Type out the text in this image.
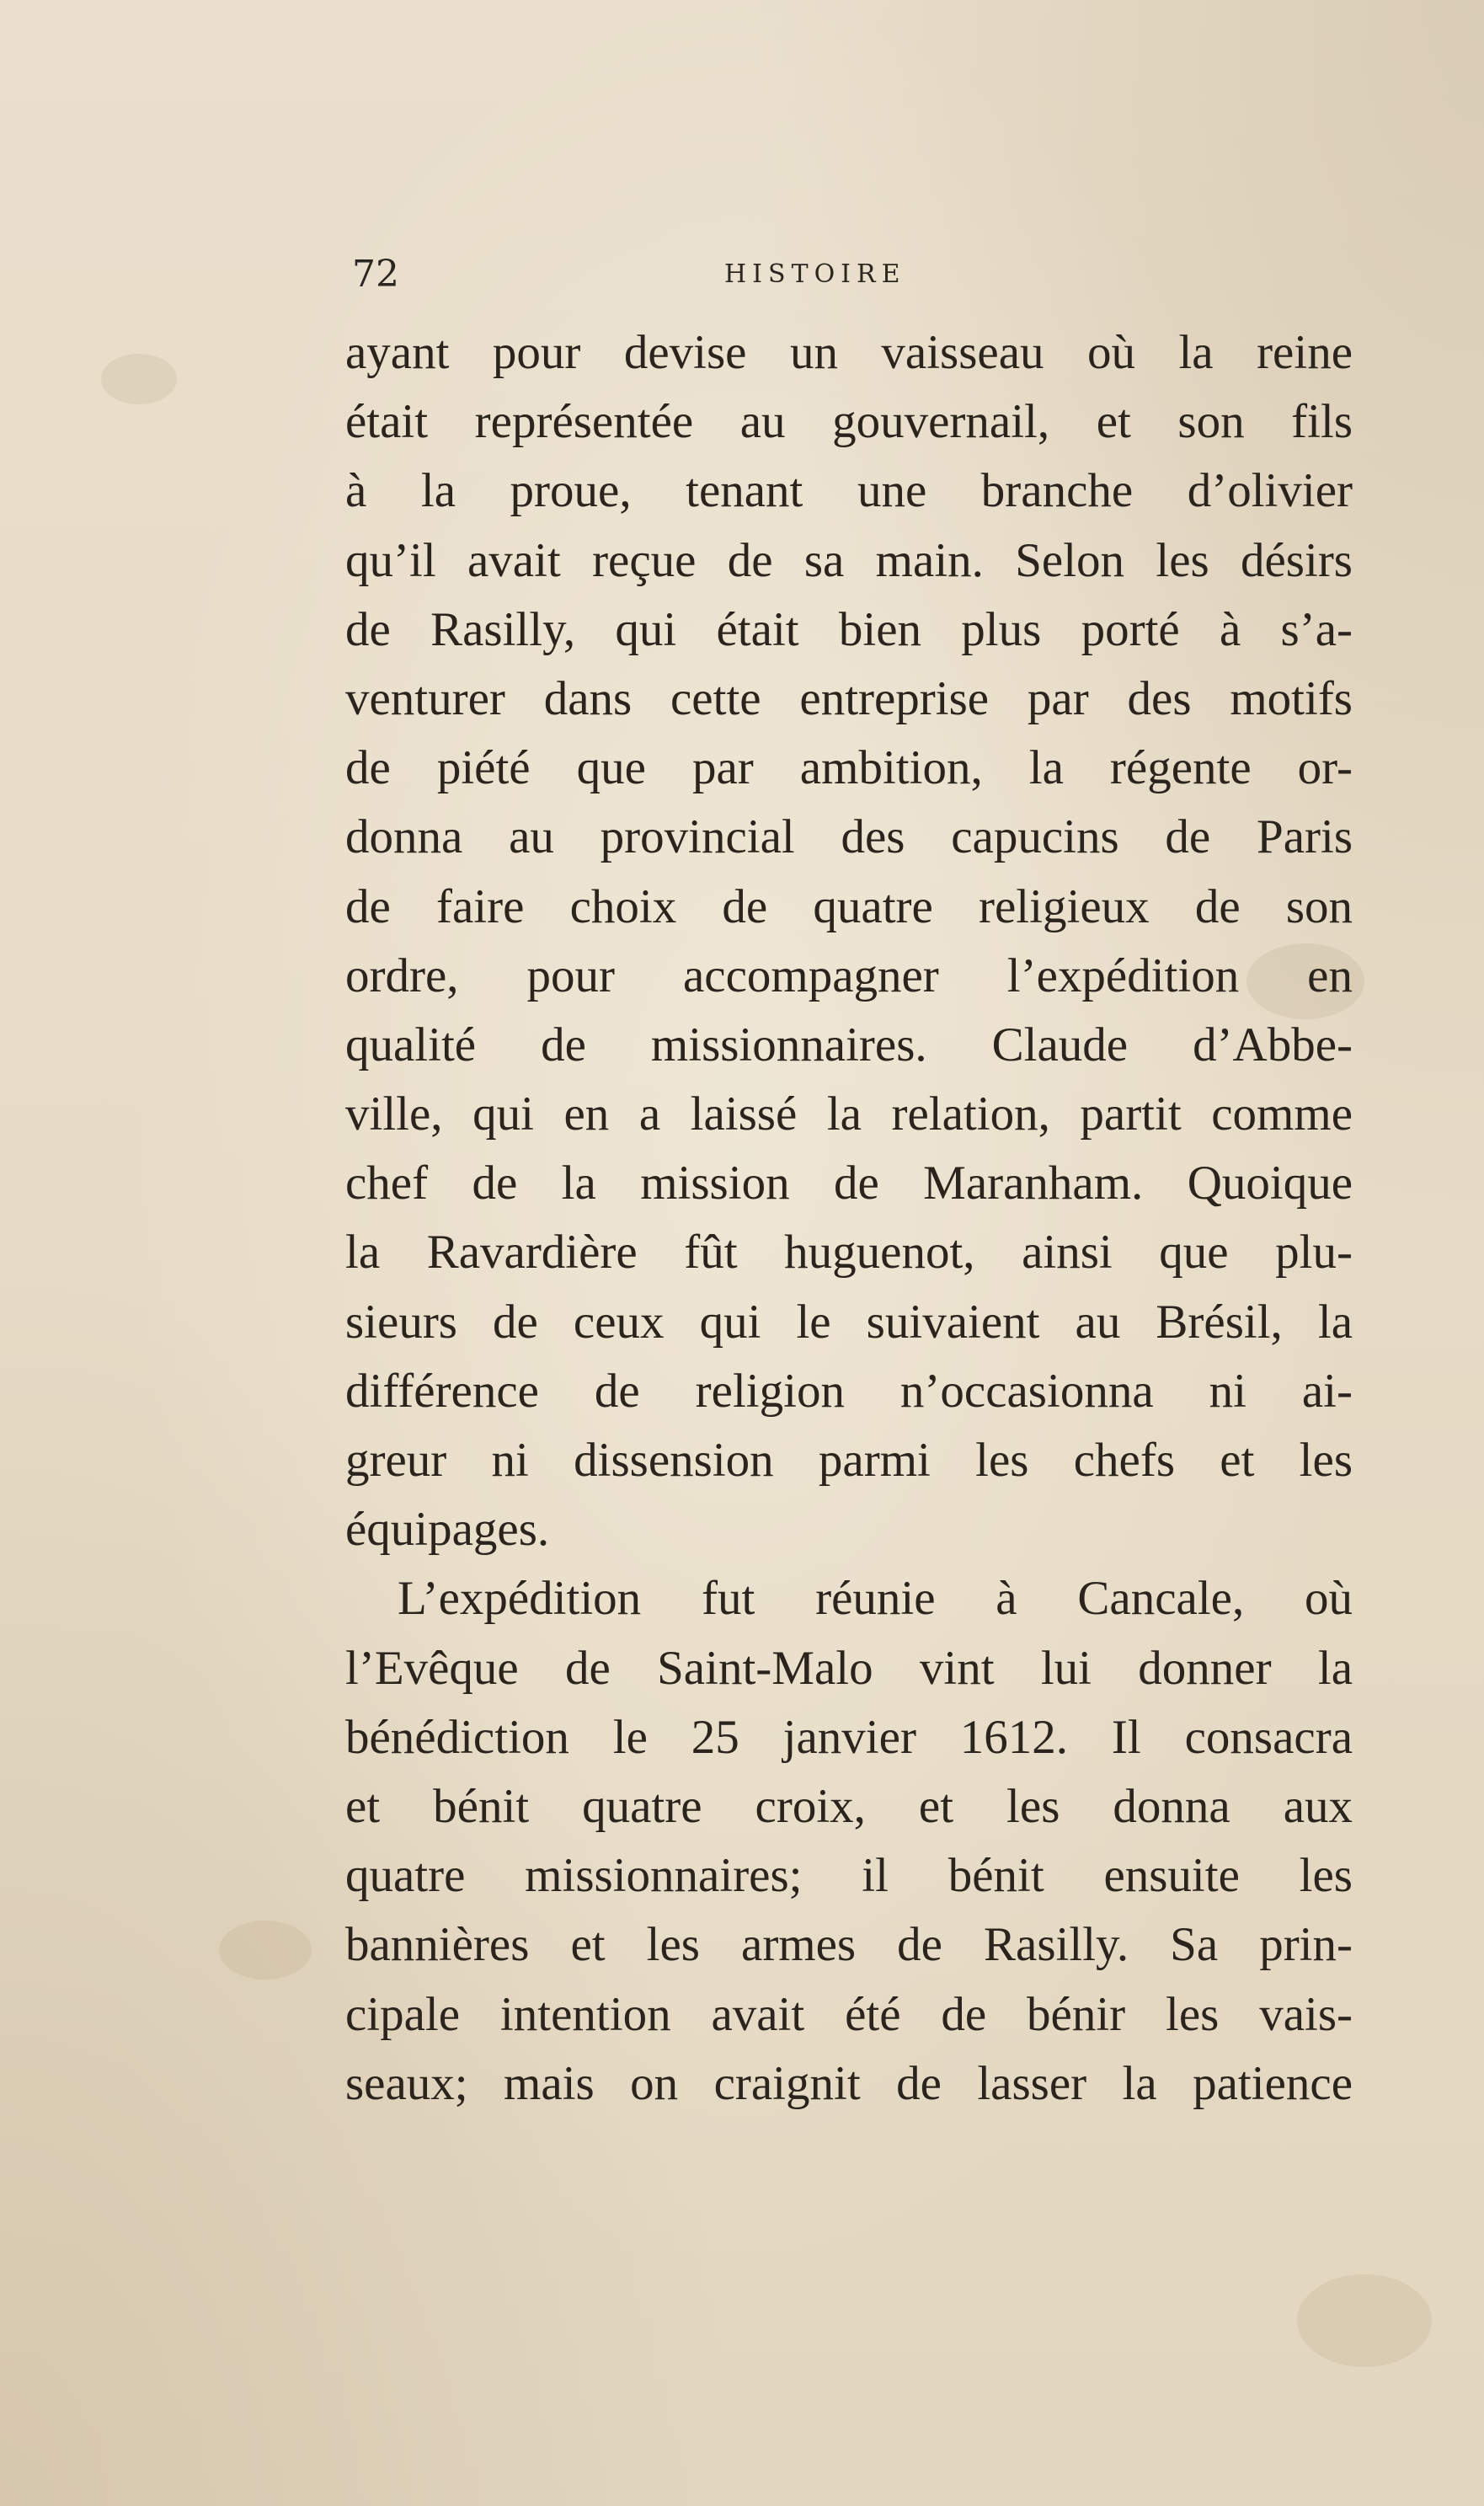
72	HISTOIRE
ayant pour devise un vaisseau où la reine
était représentée au gouvernail, et son fils
à la proue, tenant une branche d’olivier
qu’il avait reçue de sa main. Selon les désirs
de Rasilly, qui était bien plus porté à s’a-
venturer dans cette entreprise par des motifs
de piété que par ambition, la régente or-
donna au provincial des capucins de Paris
de faire choix de quatre religieux de son
ordre, pour accompagner l’expédition en
qualité de missionnaires. Claude d’Abbe-
ville, qui en a laissé la relation, partit comme
chef de la mission de Maranham. Quoique
la Ravardière fût huguenot, ainsi que plu-
sieurs de ceux qui le suivaient au Brésil, la
différence de religion n’occasionna ni ai-
greur ni dissension parmi les chefs et les
équipages.
L’expédition fut réunie à Cancale, où
l’Evêque de Saint-Malo vint lui donner la
bénédiction le 25 janvier 1612. Il consacra
et bénit quatre croix, et les donna aux
quatre missionnaires; il bénit ensuite les
bannières et les armes de Rasilly. Sa prin-
cipale intention avait été de bénir les vais-
seaux; mais on craignit de lasser la patience
